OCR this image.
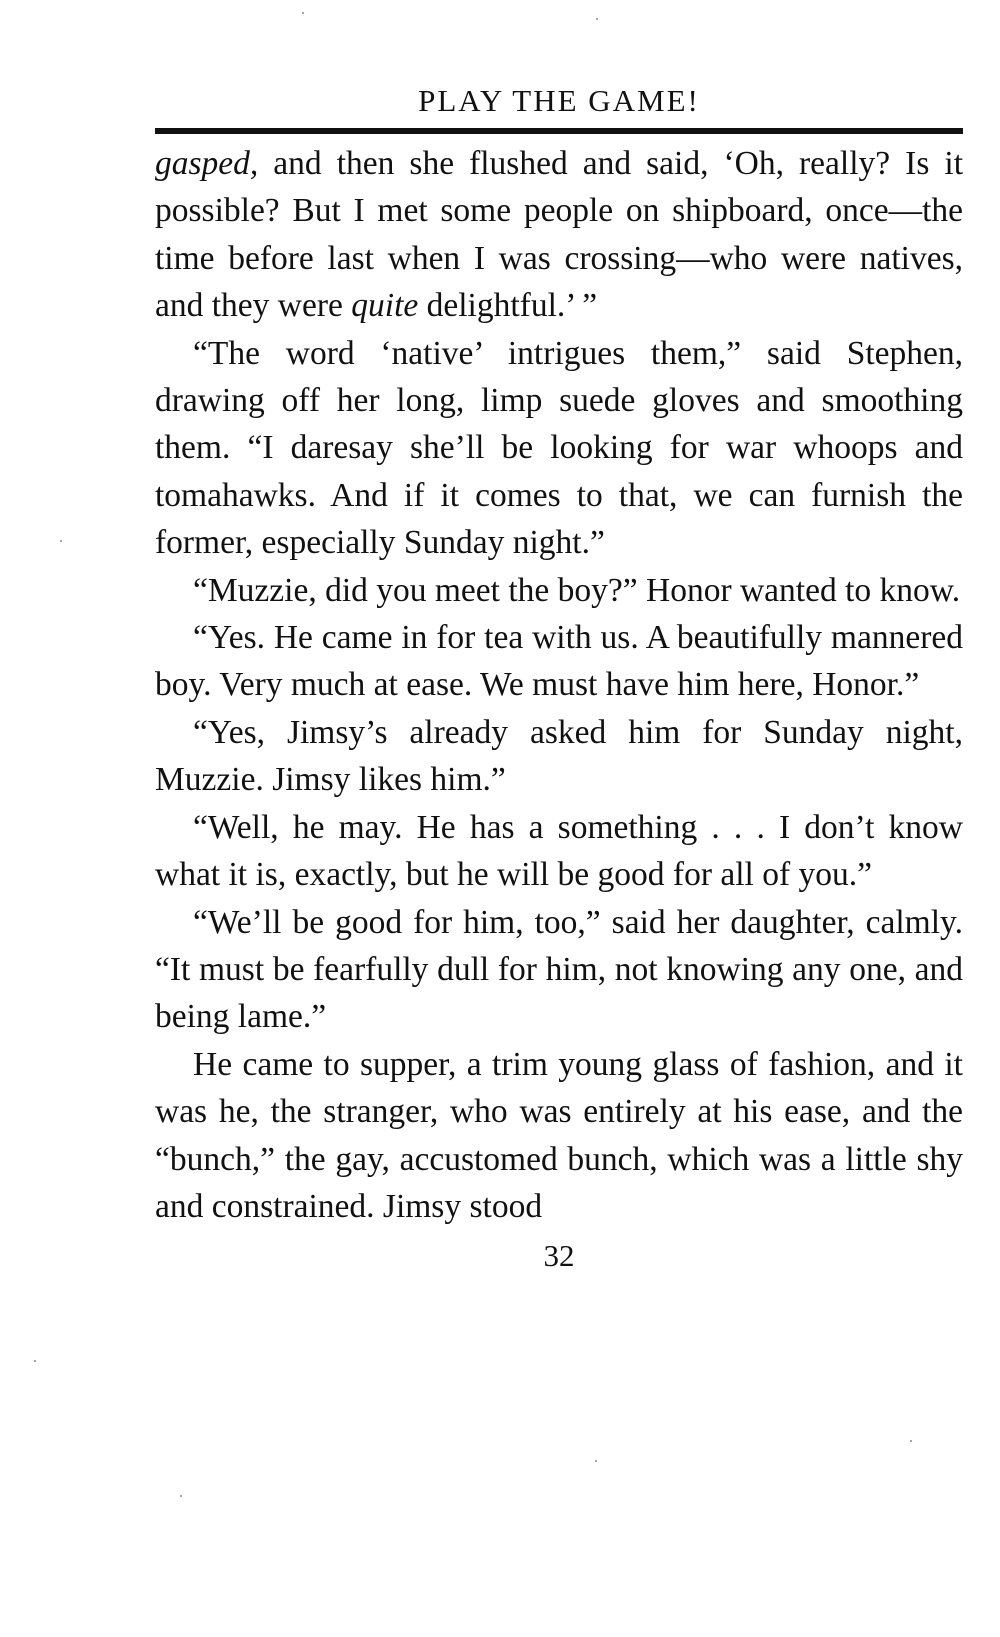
PLAY THE GAME!

gasped, and then she flushed and said, ‘Oh, really? Is it possible? But I met some people on shipboard, once—the time before last when I was crossing—who were natives, and they were quite delightful.’ ”

“The word ‘native’ intrigues them,” said Stephen, drawing off her long, limp suede gloves and smoothing them. “I daresay she’ll be looking for war whoops and tomahawks. And if it comes to that, we can furnish the former, especially Sunday night.”

“Muzzie, did you meet the boy?” Honor wanted to know.

“Yes. He came in for tea with us. A beautifully mannered boy. Very much at ease. We must have him here, Honor.”

“Yes, Jimsy’s already asked him for Sunday night, Muzzie. Jimsy likes him.”

“Well, he may. He has a something . . . I don’t know what it is, exactly, but he will be good for all of you.”

“We’ll be good for him, too,” said her daughter, calmly. “It must be fearfully dull for him, not knowing any one, and being lame.”

He came to supper, a trim young glass of fashion, and it was he, the stranger, who was entirely at his ease, and the “bunch,” the gay, accustomed bunch, which was a little shy and constrained. Jimsy stood

32
